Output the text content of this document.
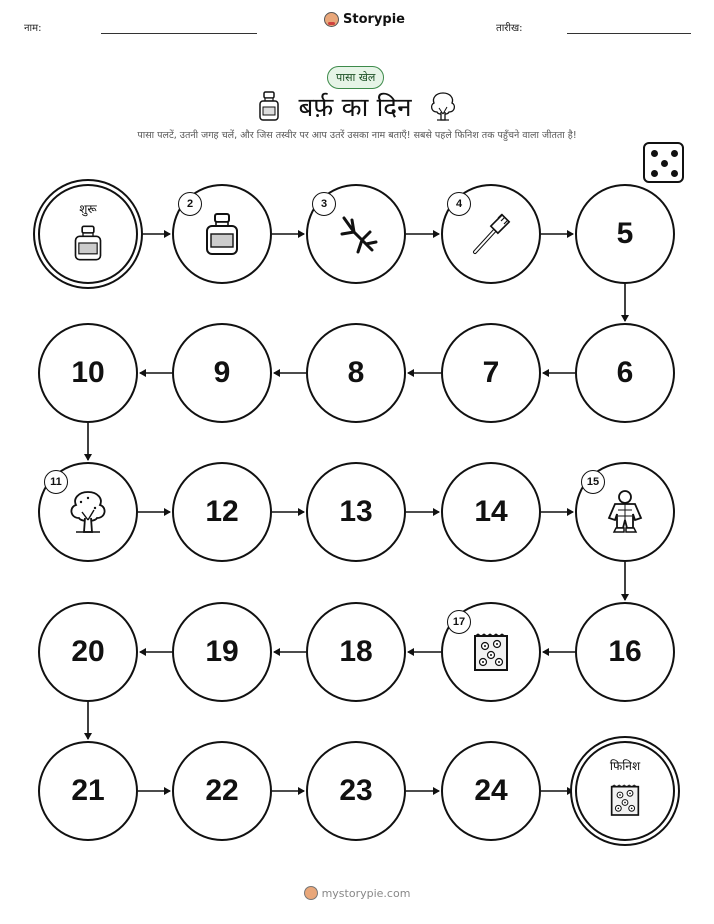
नाम:
Storypie
तारीख:
पासा खेल
बर्फ़ का दिन
पासा पलटें, उतनी जगह चलें, और जिस तस्वीर पर आप उतरें उसका नाम बताएँ! सबसे पहले फिनिश तक पहुँचने वाला जीतता है!
शुरू	2	3	4
5
6
7
8
9
10
11
12	13	14
15
16
17
18
19
20
21	22	23	24
फिनिश
mystorypie.com
